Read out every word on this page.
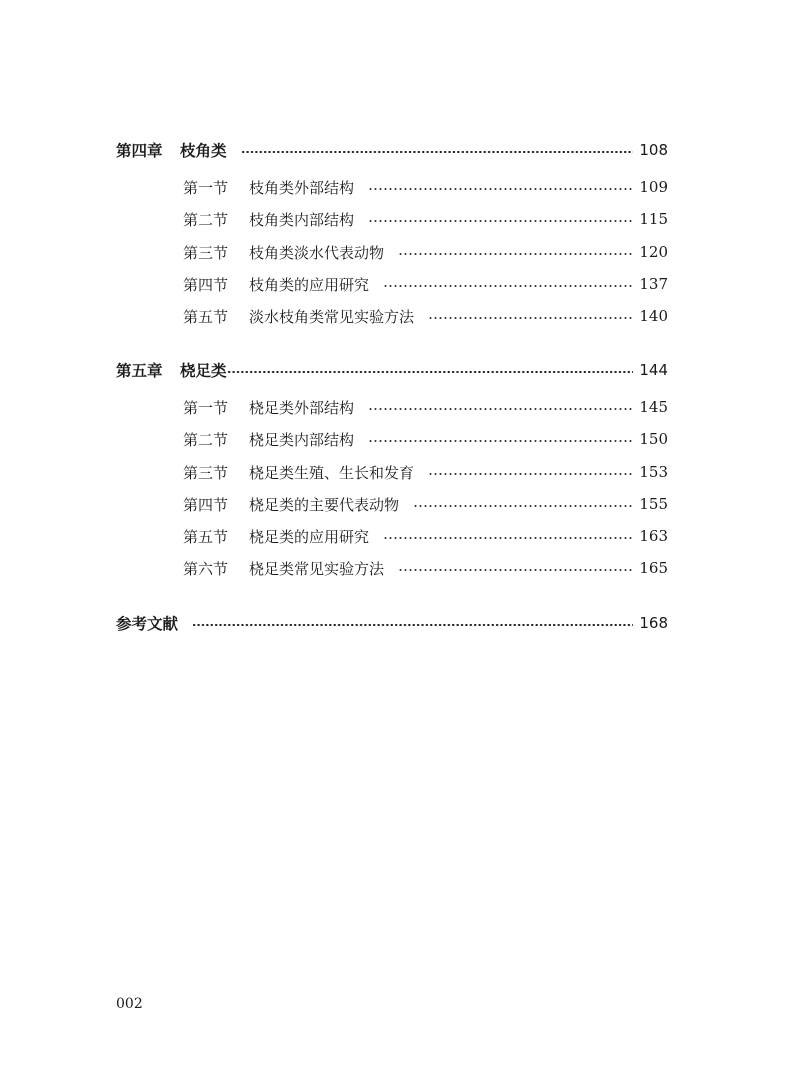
第四章	枝角类	108
第一节	枝角类外部结构	109
第二节	枝角类内部结构	115
第三节	枝角类淡水代表动物	120
第四节	枝角类的应用研究	137
第五节	淡水枝角类常见实验方法	140
第五章	桡足类	144
第一节	桡足类外部结构	145
第二节	桡足类内部结构	150
第三节	桡足类生殖、生长和发育	153
第四节	桡足类的主要代表动物	155
第五节	桡足类的应用研究	163
第六节	桡足类常见实验方法	165
参考文献	168
002
